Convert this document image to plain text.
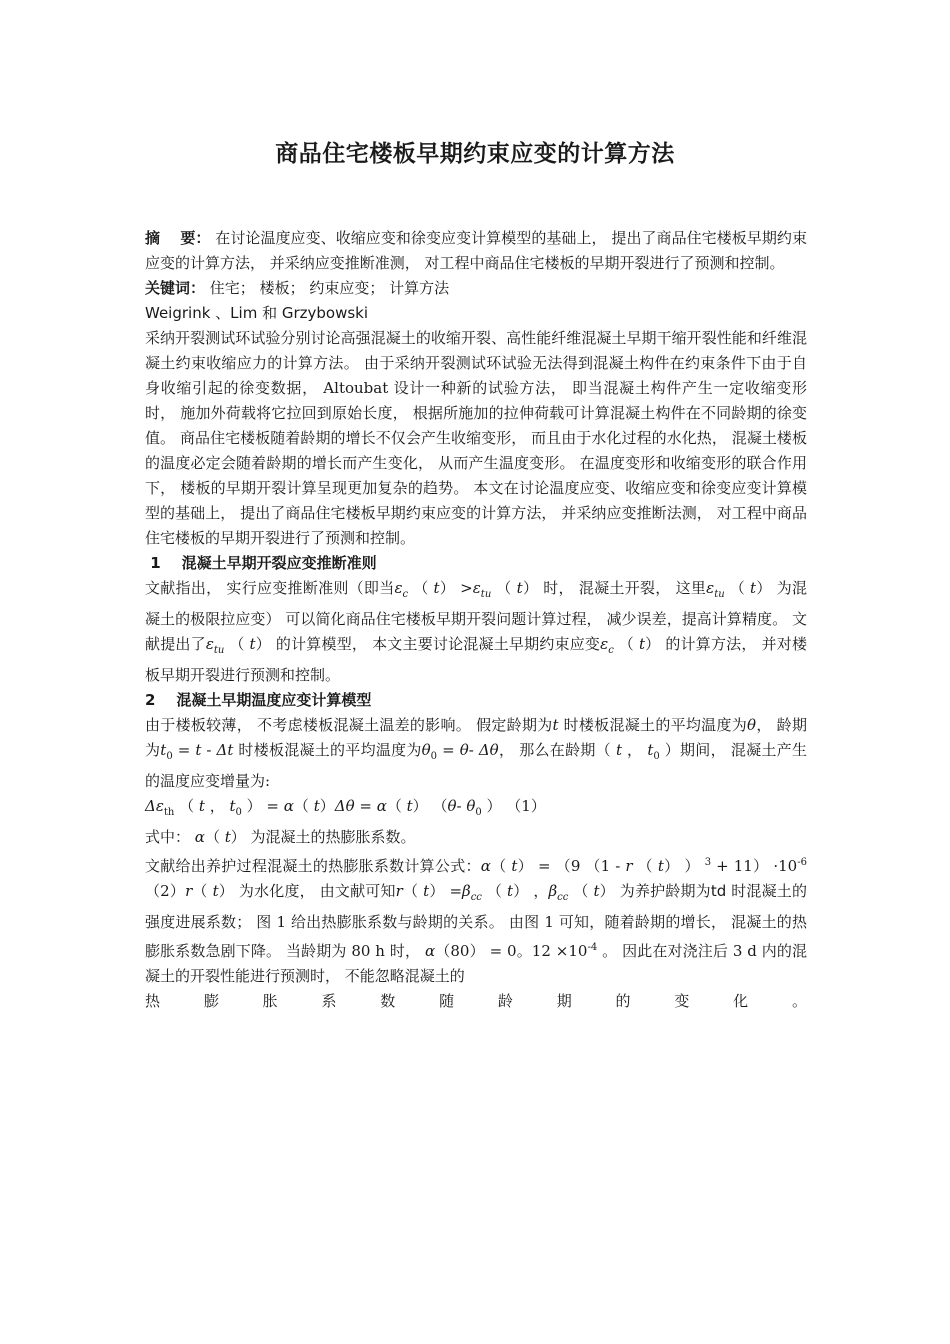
商品住宅楼板早期约束应变的计算方法

摘　 要： 在讨论温度应变、收缩应变和徐变应变计算模型的基础上， 提出了商品住宅楼板早期约束应变的计算方法， 并采纳应变推断准测， 对工程中商品住宅楼板的早期开裂进行了预测和控制。

关键词： 住宅； 楼板； 约束应变； 计算方法

Weigrink 、Lim 和 Grzybowski

采纳开裂测试环试验分别讨论高强混凝土的收缩开裂、高性能纤维混凝土早期干缩开裂性能和纤维混凝土约束收缩应力的计算方法。 由于采纳开裂测试环试验无法得到混凝土构件在约束条件下由于自身收缩引起的徐变数据， Altoubat 设计一种新的试验方法， 即当混凝土构件产生一定收缩变形时， 施加外荷载将它拉回到原始长度， 根据所施加的拉伸荷载可计算混凝土构件在不同龄期的徐变值。 商品住宅楼板随着龄期的增长不仅会产生收缩变形， 而且由于水化过程的水化热， 混凝土楼板的温度必定会随着龄期的增长而产生变化， 从而产生温度变形。 在温度变形和收缩变形的联合作用下， 楼板的早期开裂计算呈现更加复杂的趋势。 本文在讨论温度应变、收缩应变和徐变应变计算模型的基础上， 提出了商品住宅楼板早期约束应变的计算方法， 并采纳应变推断法测， 对工程中商品住宅楼板的早期开裂进行了预测和控制。

1 混凝土早期开裂应变推断准则

文献指出， 实行应变推断准则（即当$\varepsilon_c$ （ $t) >\varepsilon_{tu}$ （ t） 时， 混凝土开裂， 这里$\varepsilon_{tu}$ （ t） 为混凝土的极限拉应变） 可以简化商品住宅楼板早期开裂问题计算过程， 减少误差，提高计算精度。 文献提出了$\varepsilon_{tu}$ （ t） 的计算模型， 本文主要讨论混凝土早期约束应变$\varepsilon_c$ （ t） 的计算方法， 并对楼板早期开裂进行预测和控制。

2 混凝土早期温度应变计算模型

由于楼板较薄， 不考虑楼板混凝土温差的影响。 假定龄期为t 时楼板混凝土的平均温度为θ， 龄期为$t_0 = t - \Delta t$ 时楼板混凝土的平均温度为$\theta_0 = \theta-$ Δθ， 那么在龄期（ t ， $t_0$ ）期间， 混凝土产生的温度应变增量为:

$\Delta\varepsilon_{th}$ （ t ， $t_0$ ） = α（ t）Δθ = α（ t） （θ- $\theta_0$ ） （1）

式中： α（ t） 为混凝土的热膨胀系数。

文献给出养护过程混凝土的热膨胀系数计算公式：α（ t） = （9 （1 - r （ t） ） $^3 + 11) \cdot 10^{-6}(2)r$（ t） 为水化度， 由文献可知r（ $t) =\beta_{cc}$ （ t） ，$\beta_{cc}$ （ t） 为养护龄期为td 时混凝土的强度进展系数； 图 1 给出热膨胀系数与龄期的关系。 由图 1 可知，随着龄期的增长， 混凝土的热膨胀系数急剧下降。 当龄期为 80 h 时， α（80） = 0。$12 \times 10^{-4}$ 。 因此在对浇注后 3 d 内的混凝土的开裂性能进行预测时， 不能忽略混凝土的

热 膨 胀 系 数 随 龄 期 的 变 化 。
